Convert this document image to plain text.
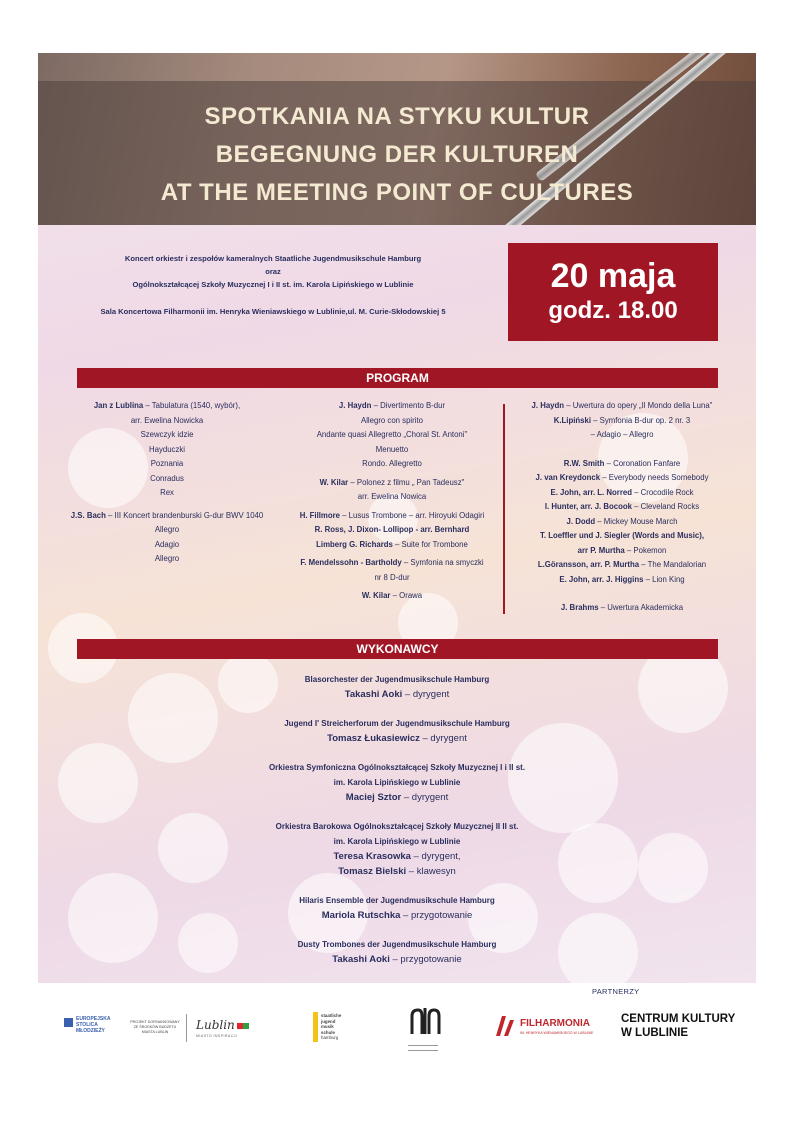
SPOTKANIA NA STYKU KULTUR
BEGEGNUNG DER KULTUREN
AT THE MEETING POINT OF CULTURES
Koncert orkiestr i zespołów kameralnych Staatliche Jugendmusikschule Hamburg
oraz
Ogólnokształcącej Szkoły Muzycznej I i II st. im. Karola Lipińskiego w Lublinie
Sala Koncertowa Filharmonii im. Henryka Wieniawskiego w Lublinie,ul. M. Curie-Skłodowskiej 5
20 maja
godz. 18.00
PROGRAM
Jan z Lublina – Tabulatura (1540, wybór),
arr. Ewelina Nowicka
Szewczyk idzie
Hayduczki
Poznania
Conradus
Rex
J.S. Bach – III Koncert brandenburski G-dur BWV 1040
Allegro
Adagio
Allegro
J. Haydn – Divertimento B-dur
Allegro con spirito
Andante quasi Allegretto „Choral St. Antoni"
Menuetto
Rondo. Allegretto
W. Kilar – Polonez z filmu „ Pan Tadeusz"
arr. Ewelina Nowica
H. Fillmore – Lusus Trombone – arr. Hiroyuki Odagiri
R. Ross, J. Dixon- Lollipop - arr. Bernhard
Limberg G. Richards – Suite for Trombone
F. Mendelssohn - Bartholdy – Symfonia na smyczki
nr 8 D-dur
W. Kilar – Orawa
J. Haydn – Uwertura do opery „Il Mondo della Luna"
K.Lipiński – Symfonia B-dur op. 2 nr. 3
– Adagio – Allegro
R.W. Smith – Coronation Fanfare
J. van Kreydonck – Everybody needs Somebody
E. John, arr. L. Norred – Crocodile Rock
I. Hunter, arr. J. Bocook – Cleveland Rocks
J. Dodd – Mickey Mouse March
T. Loeffler und J. Siegler (Words and Music),
arr P. Murtha – Pokemon
L.Göransson, arr. P. Murtha – The Mandalorian
E. John, arr. J. Higgins – Lion King
J. Brahms – Uwertura Akademicka
WYKONAWCY
Blasorchester der Jugendmusikschule Hamburg
Takashi Aoki – dyrygent
Jugend I' Streicherforum der Jugendmusikschule Hamburg
Tomasz Łukasiewicz – dyrygent
Orkiestra Symfoniczna Ogólnokształcącej Szkoły Muzycznej I i II st.
im. Karola Lipińskiego w Lublinie
Maciej Sztor – dyrygent
Orkiestra Barokowa Ogólnokształcącej Szkoły Muzycznej II II st.
im. Karola Lipińskiego w Lublinie
Teresa Krasowka – dyrygent,
Tomasz Bielski – klawesyn
Hilaris Ensemble der Jugendmusikschule Hamburg
Mariola Rutschka – przygotowanie
Dusty Trombones der Jugendmusikschule Hamburg
Takashi Aoki – przygotowanie
PARTNERZY
EUROPEJSKA
STOLICA
MŁODZIEŻY
PROJEKT DOFINANSOWANY
ZE ŚRODKÓW BUDŻETU
MIASTA LUBLIN	Lublin
MIASTO INSPIRACJI
staatliche
jugend
musik
schule
hamburg
FILHARMONIA
IM. HENRYKA WIENIAWSKIEGO W LUBLINIE
CENTRUM KULTURY
W LUBLINIE
